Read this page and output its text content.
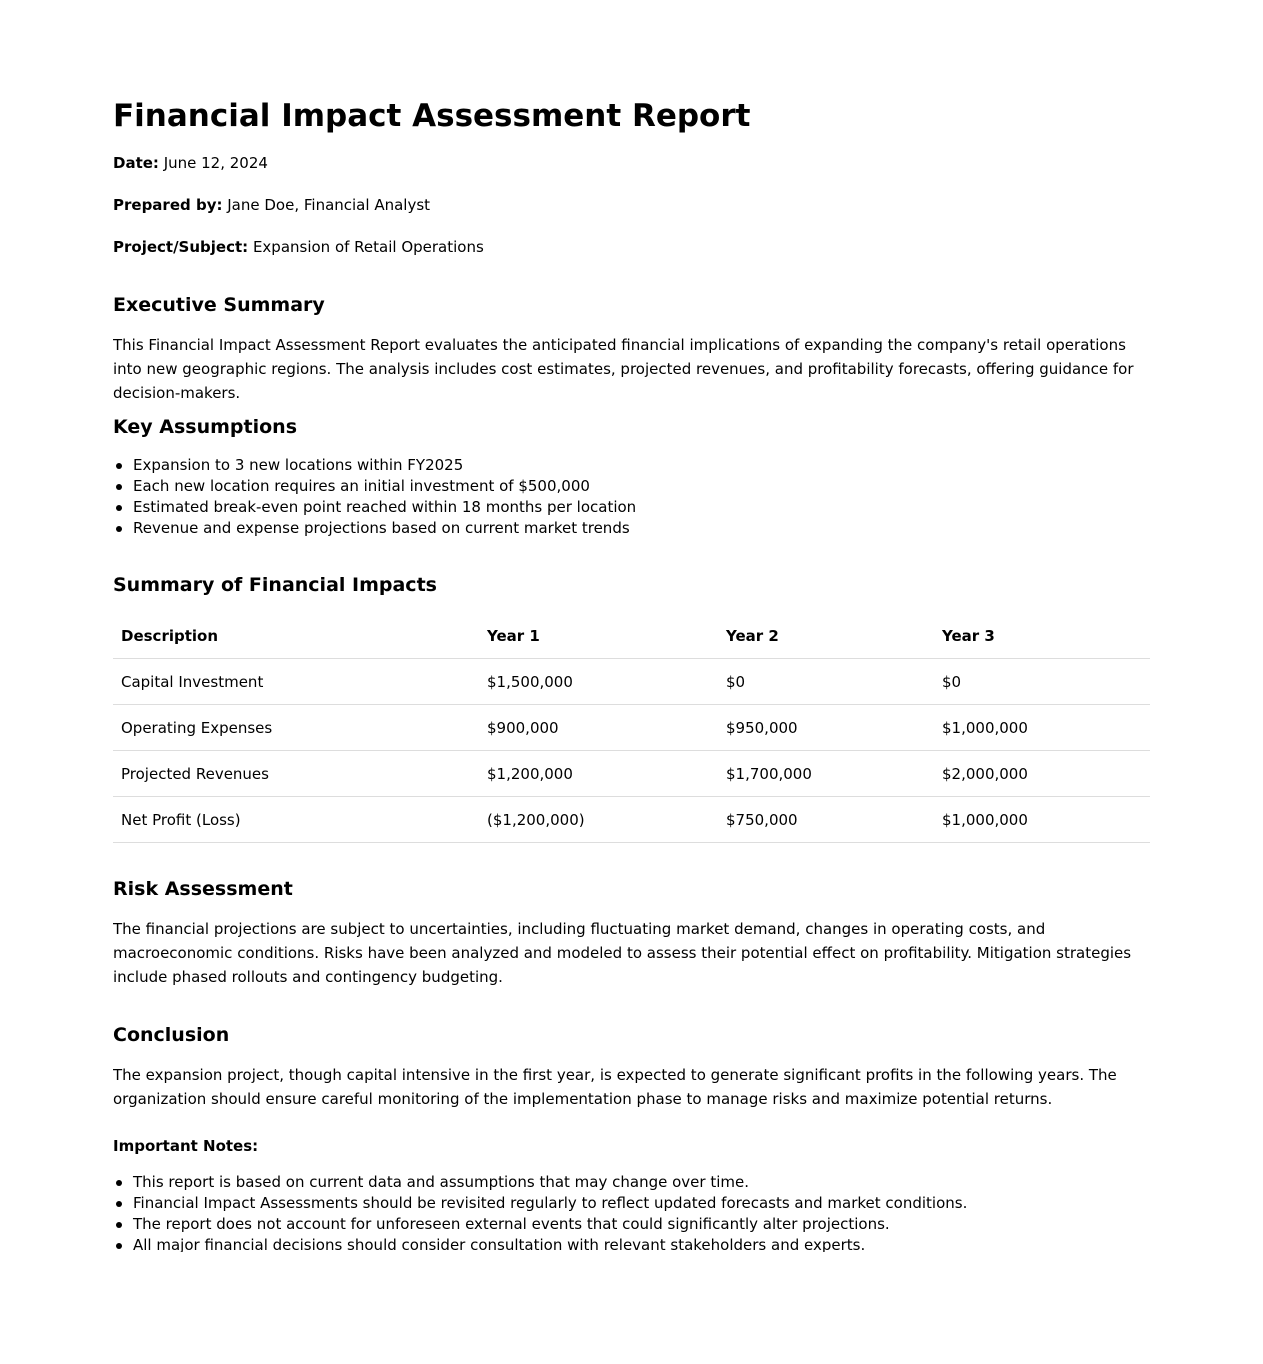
Financial Impact Assessment Report

Date: June 12, 2024

Prepared by: Jane Doe, Financial Analyst

Project/Subject: Expansion of Retail Operations

Executive Summary

This Financial Impact Assessment Report evaluates the anticipated financial implications of expanding the company's retail operations into new geographic regions. The analysis includes cost estimates, projected revenues, and profitability forecasts, offering guidance for decision-makers.

Key Assumptions
Expansion to 3 new locations within FY2025
Each new location requires an initial investment of $500,000
Estimated break-even point reached within 18 months per location
Revenue and expense projections based on current market trends
Summary of Financial Impacts
Description	Year 1	Year 2	Year 3
Capital Investment	$1,500,000	$0	$0
Operating Expenses	$900,000	$950,000	$1,000,000
Projected Revenues	$1,200,000	$1,700,000	$2,000,000
Net Profit (Loss)	($1,200,000)	$750,000	$1,000,000
Risk Assessment

The financial projections are subject to uncertainties, including fluctuating market demand, changes in operating costs, and macroeconomic conditions. Risks have been analyzed and modeled to assess their potential effect on profitability. Mitigation strategies include phased rollouts and contingency budgeting.

Conclusion

The expansion project, though capital intensive in the first year, is expected to generate significant profits in the following years. The organization should ensure careful monitoring of the implementation phase to manage risks and maximize potential returns.

Important Notes:

This report is based on current data and assumptions that may change over time.
Financial Impact Assessments should be revisited regularly to reflect updated forecasts and market conditions.
The report does not account for unforeseen external events that could significantly alter projections.
All major financial decisions should consider consultation with relevant stakeholders and experts.
